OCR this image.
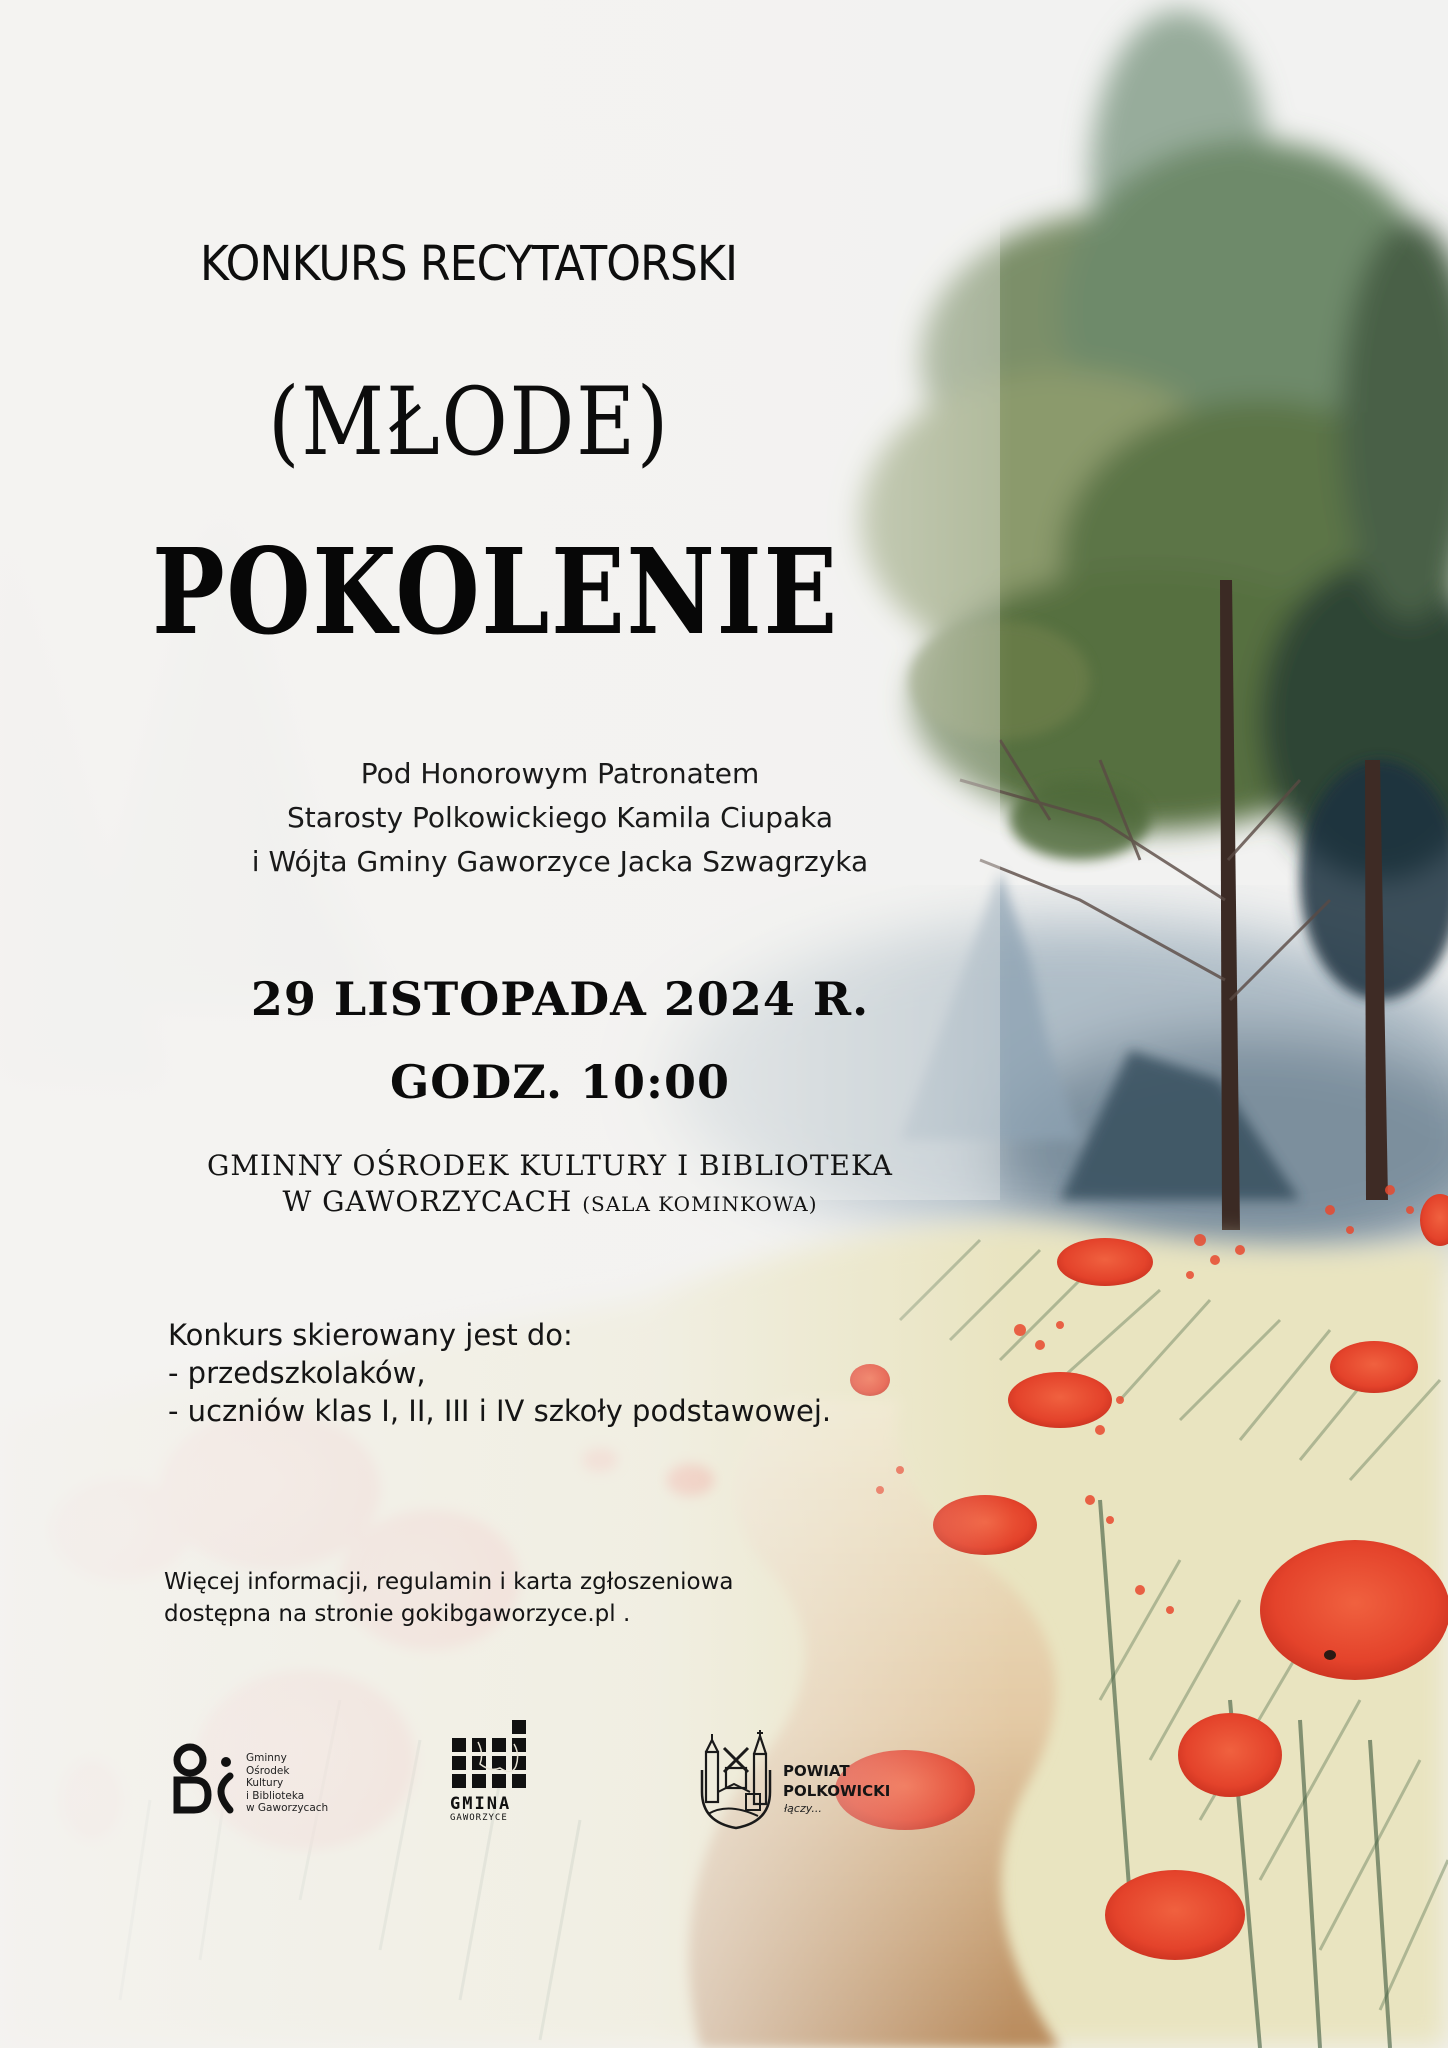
KONKURS RECYTATORSKI
(MŁODE)
POKOLENIE
Pod Honorowym Patronatem
Starosty Polkowickiego Kamila Ciupaka
i Wójta Gminy Gaworzyce Jacka Szwagrzyka
29 LISTOPADA 2024 R.
GODZ. 10:00
GMINNY OŚRODEK KULTURY I BIBLIOTEKA
W GAWORZYCACH (SALA KOMINKOWA)
Konkurs skierowany jest do:
- przedszkolaków,
- uczniów klas I, II, III i IV szkoły podstawowej.
Więcej informacji, regulamin i karta zgłoszeniowa
dostępna na stronie gokibgaworzyce.pl .
Gminny
Ośrodek
Kultury
i Biblioteka
w Gaworzycach	GMINA
GAWORZYCE
POWIAT
POLKOWICKI
łączy...
